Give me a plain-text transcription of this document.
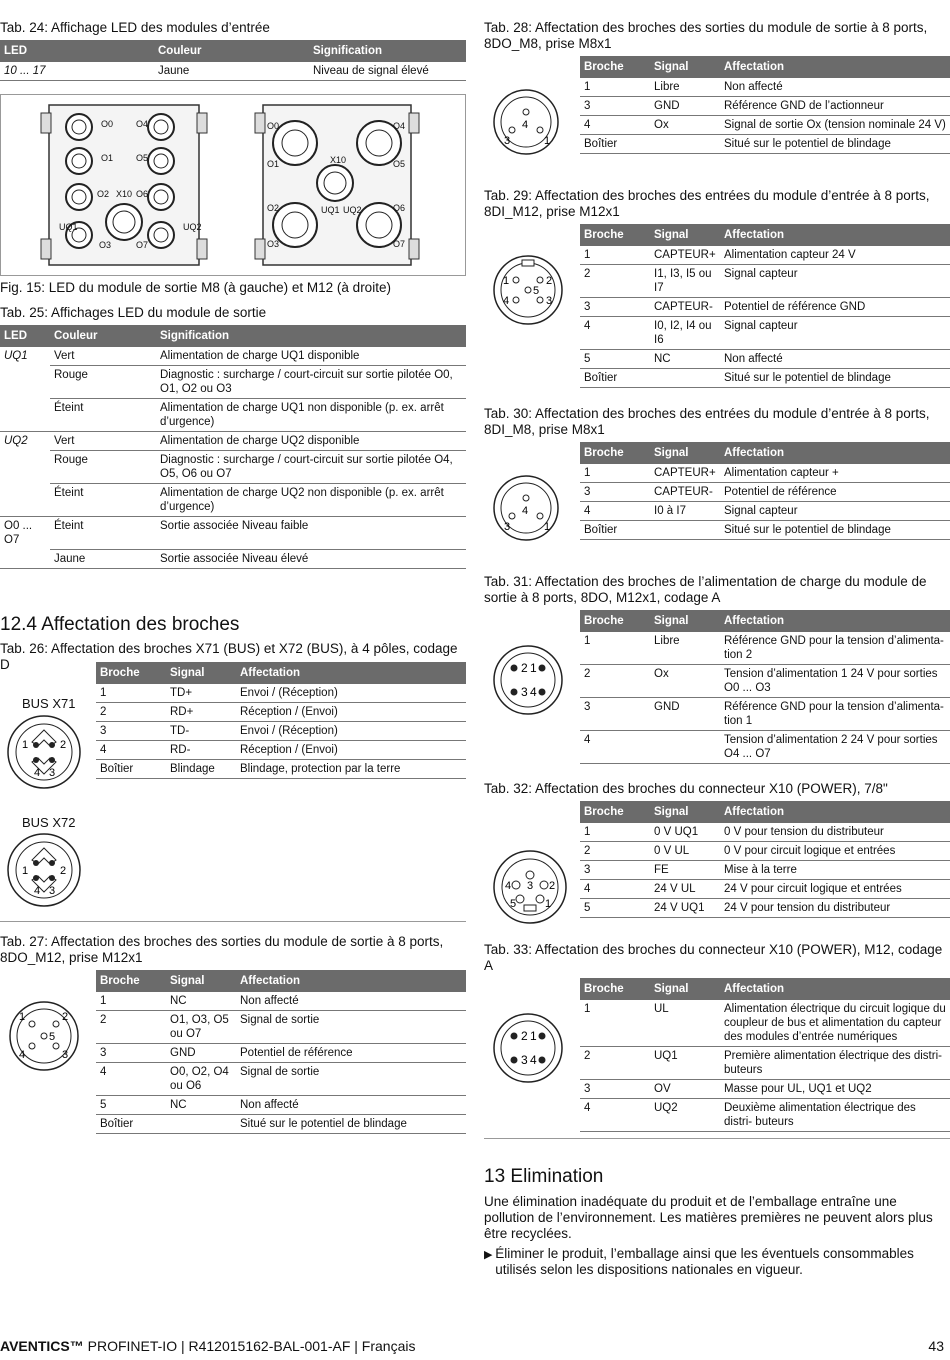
Tab. 24: Affichage LED des modules d’entrée
LED	Couleur	Signification
10 ... 17	Jaune	Niveau de signal élevé
O0	O4
O1	O5
O2 X10 O6
O3	O7
UQ1	UQ2
O0	O4
O1	O5
X10
O2	O6
O3	O7
UQ1 UQ2
Fig. 15: LED du module de sortie M8 (à gauche) et M12 (à droite)
Tab. 25: Affichages LED du module de sortie
LED	Couleur	Signification
UQ1	Vert	Alimentation de charge UQ1 disponible
	Rouge	Diagnostic : surcharge / court-circuit sur sortie pilotée O0, O1, O2 ou O3
	Éteint	Alimentation de charge UQ1 non disponible (p. ex. arrêt d’urgence)
UQ2	Vert	Alimentation de charge UQ2 disponible
	Rouge	Diagnostic : surcharge / court-circuit sur sortie pilotée O4, O5, O6 ou O7
	Éteint	Alimentation de charge UQ2 non disponible (p. ex. arrêt d’urgence)
O0 ... O7	Éteint	Sortie associée Niveau faible
	Jaune	Sortie associée Niveau élevé
12.4 Affectation des broches
Tab. 26: Affectation des broches X71 (BUS) et X72 (BUS), à 4 pôles, codage D
Broche	Signal	Affectation
1	TD+	Envoi / (Réception)
2	RD+	Réception / (Envoi)
3	TD-	Envoi / (Réception)
4	RD-	Réception / (Envoi)
Boîtier	Blindage	Blindage, protection par la terre
BUS X71
1	2
4 3
BUS X72
1	2
4 3
Tab. 27: Affectation des broches des sorties du module de sortie à 8 ports, 8DO_M12, prise M12x1
Broche	Signal	Affectation
1	NC	Non affecté
2	O1, O3, O5 ou O7	Signal de sortie
3	GND	Potentiel de référence
4	O0, O2, O4 ou O6	Signal de sortie
5	NC	Non affecté
Boîtier		Situé sur le potentiel de blindage
1	2
4	3
5
Tab. 28: Affectation des broches des sorties du module de sortie à 8 ports, 8DO_M8, prise M8x1
Broche	Signal	Affectation
1	Libre	Non affecté
3	GND	Référence GND de l’actionneur
4	Ox	Signal de sortie Ox (tension nominale 24 V)
Boîtier		Situé sur le potentiel de blindage
4
3	1
Tab. 29: Affectation des broches des entrées du module d’entrée à 8 ports, 8DI_M12, prise M12x1
Broche	Signal	Affectation
1	CAPTEUR+	Alimentation capteur 24 V
2	I1, I3, I5 ou I7	Signal capteur
3	CAPTEUR-	Potentiel de référence GND
4	I0, I2, I4 ou I6	Signal capteur
5	NC	Non affecté
Boîtier		Situé sur le potentiel de blindage
1	2
4	3
5
Tab. 30: Affectation des broches des entrées du module d’entrée à 8 ports, 8DI_M8, prise M8x1
Broche	Signal	Affectation
1	CAPTEUR+	Alimentation capteur +
3	CAPTEUR-	Potentiel de référence
4	I0 à I7	Signal capteur
Boîtier		Situé sur le potentiel de blindage
4
3	1
Tab. 31: Affectation des broches de l’alimentation de charge du module de sortie à 8 ports, 8DO, M12x1, codage A
Broche	Signal	Affectation
1	Libre	Référence GND pour la tension d’alimenta- tion 2
2	Ox	Tension d’alimentation 1 24 V pour sorties O0 ... O3
3	GND	Référence GND pour la tension d’alimenta- tion 1
4		Tension d’alimentation 2 24 V pour sorties O4 ... O7
2 1
3 4
Tab. 32: Affectation des broches du connecteur X10 (POWER), 7/8"
Broche	Signal	Affectation
1	0 V UQ1	0 V pour tension du distributeur
2	0 V UL	0 V pour circuit logique et entrées
3	FE	Mise à la terre
4	24 V UL	24 V pour circuit logique et entrées
5	24 V UQ1	24 V pour tension du distributeur
3
4	2
5	1
Tab. 33: Affectation des broches du connecteur X10 (POWER), M12, codage A
Broche	Signal	Affectation
1	UL	Alimentation électrique du circuit logique du coupleur de bus et alimentation du capteur des modules d’entrée numériques
2	UQ1	Première alimentation électrique des distri- buteurs
3	OV	Masse pour UL, UQ1 et UQ2
4	UQ2	Deuxième alimentation électrique des distri- buteurs
2 1
3 4
13 Elimination
Une élimination inadéquate du produit et de l’emballage entraîne une pollution de l’environnement. Les matières premières ne peuvent alors plus être recyclées.
▶ Éliminer le produit, l’emballage ainsi que les éventuels consommables utilisés selon les dispositions nationales en vigueur.
AVENTICS™ PROFINET-IO | R412015162-BAL-001-AF | Français	43
